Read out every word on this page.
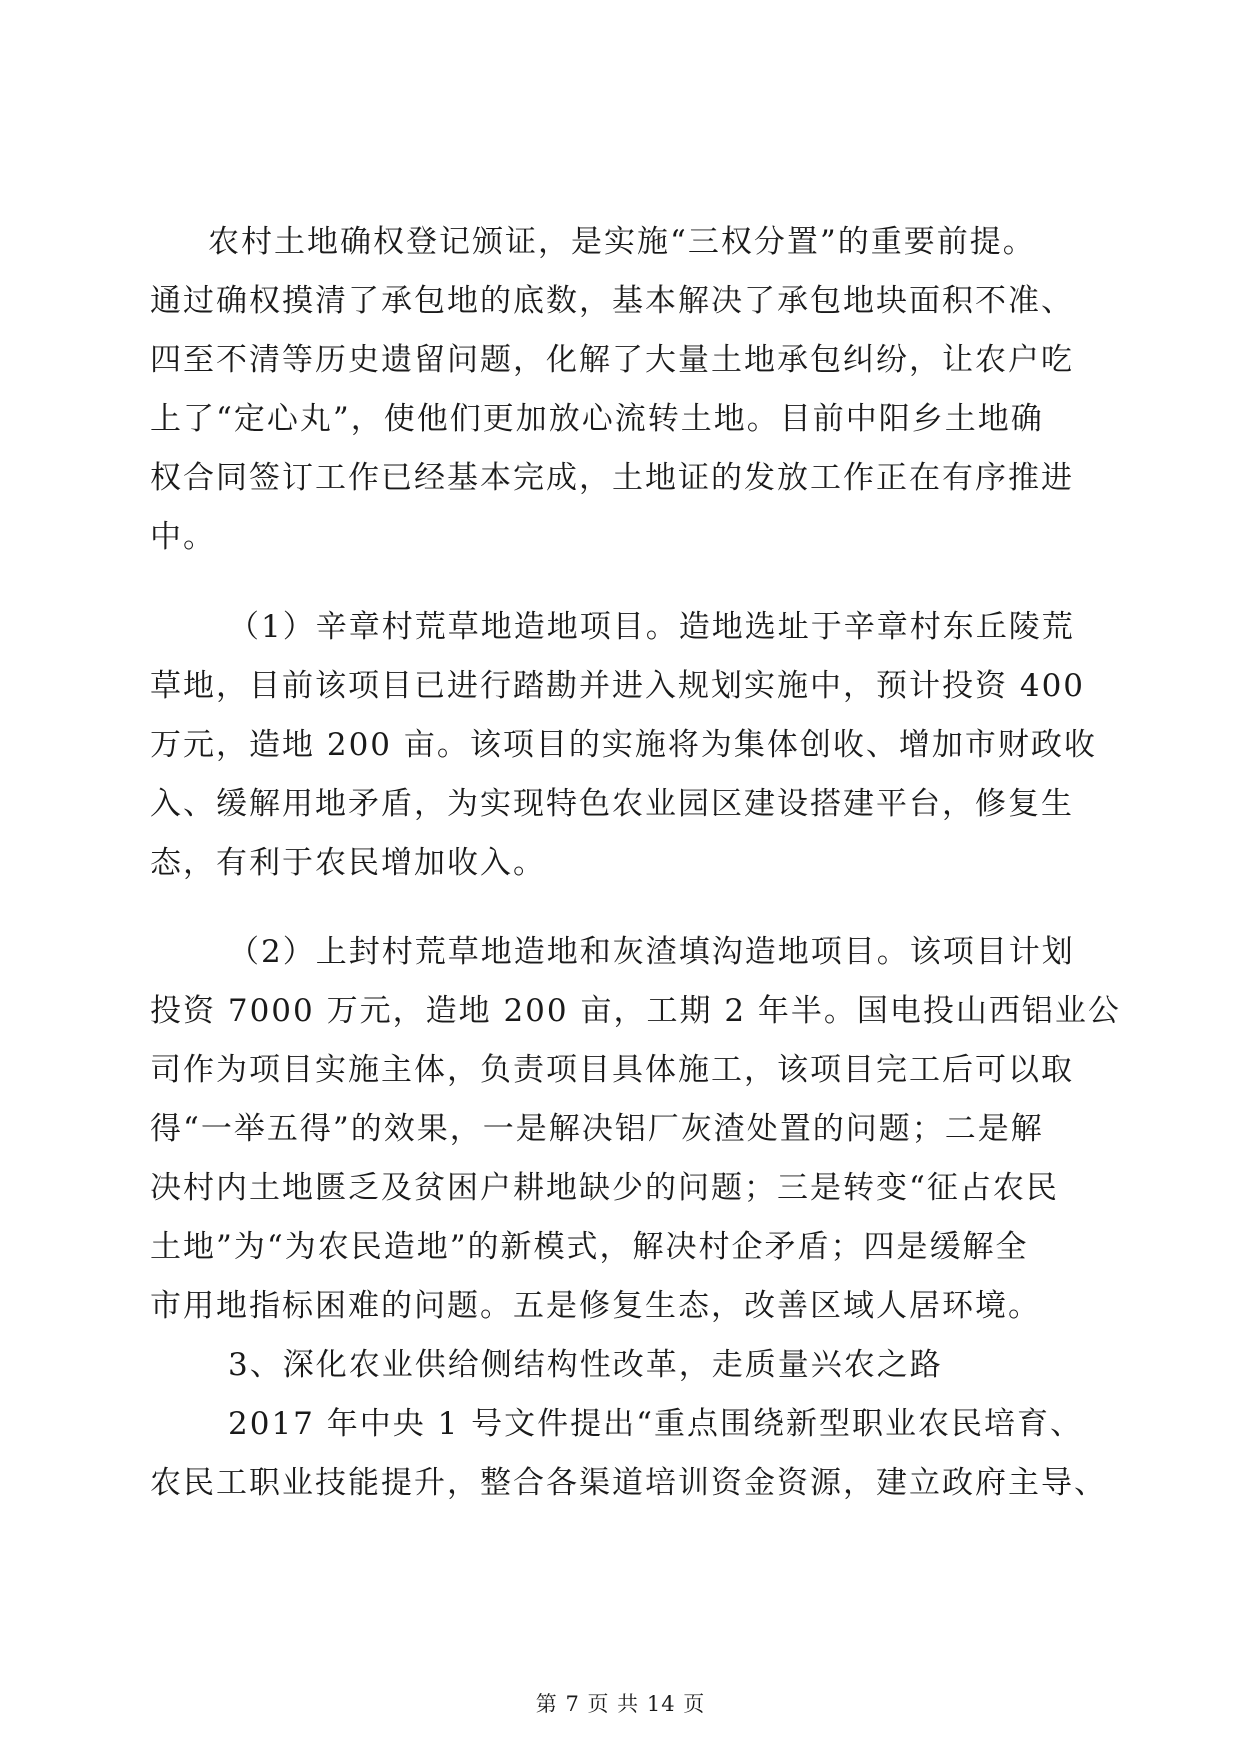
农村土地确权登记颁证，是实施“三权分置”的重要前提。
通过确权摸清了承包地的底数，基本解决了承包地块面积不准、
四至不清等历史遗留问题，化解了大量土地承包纠纷，让农户吃
上了“定心丸”，使他们更加放心流转土地。目前中阳乡土地确
权合同签订工作已经基本完成，土地证的发放工作正在有序推进
中。
（1）辛章村荒草地造地项目。造地选址于辛章村东丘陵荒
草地，目前该项目已进行踏勘并进入规划实施中，预计投资 400
万元，造地 200 亩。该项目的实施将为集体创收、增加市财政收
入、缓解用地矛盾，为实现特色农业园区建设搭建平台，修复生
态，有利于农民增加收入。
（2）上封村荒草地造地和灰渣填沟造地项目。该项目计划
投资 7000 万元，造地 200 亩，工期 2 年半。国电投山西铝业公
司作为项目实施主体，负责项目具体施工，该项目完工后可以取
得“一举五得”的效果，一是解决铝厂灰渣处置的问题；二是解
决村内土地匮乏及贫困户耕地缺少的问题；三是转变“征占农民
土地”为“为农民造地”的新模式，解决村企矛盾；四是缓解全
市用地指标困难的问题。五是修复生态，改善区域人居环境。
3、深化农业供给侧结构性改革，走质量兴农之路
2017 年中央 1 号文件提出“重点围绕新型职业农民培育、
农民工职业技能提升，整合各渠道培训资金资源，建立政府主导、
第 7 页 共 14 页
